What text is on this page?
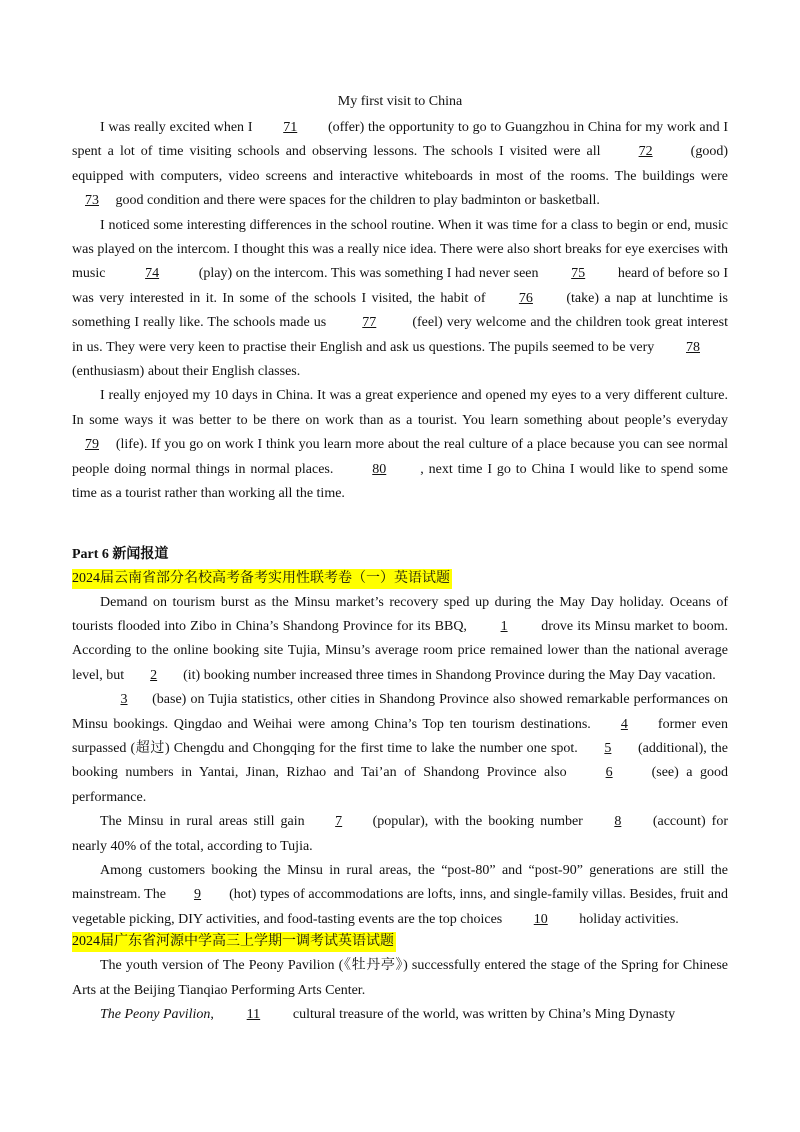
My first visit to China

I was really excited when I 71 (offer) the opportunity to go to Guangzhou in China for my work and I spent a lot of time visiting schools and observing lessons. The schools I visited were all 72 (good) equipped with computers, video screens and interactive whiteboards in most of the rooms. The buildings were 73 good condition and there were spaces for the children to play badminton or basketball.

I noticed some interesting differences in the school routine. When it was time for a class to begin or end, music was played on the intercom. I thought this was a really nice idea. There were also short breaks for eye exercises with music	74	(play) on the intercom. This was something I had never seen 75 heard of before so I was very interested in it. In some of the schools I visited, the habit of 76 (take) a nap at lunchtime is something I really like. The schools made us 77 (feel) very welcome and the children took great interest in us. They were very keen to practise their English and ask us questions. The pupils seemed to be very 78(enthusiasm) about their English classes.

I really enjoyed my 10 days in China. It was a great experience and opened my eyes to a very different culture. In some ways it was better to be there on work than as a tourist. You learn something about people’s everyday 79 (life). If you go on work I think you learn more about the real culture of a place because you can see normal people doing normal things in normal places. 80 , next time I go to China I would like to spend some time as a tourist rather than working all the time.

Part 6 新闻报道
2024届云南省部分名校高考备考实用性联考卷（一）英语试题

Demand on tourism burst as the Minsu market’s recovery sped up during the May Day holiday. Oceans of tourists flooded into Zibo in China’s Shandong Province for its BBQ, 1 drove its Minsu market to boom. According to the online booking site Tujia, Minsu’s average room price remained lower than the national average level, but 2 (it) booking number increased three times in Shandong Province during the May Day vacation.

3 (base) on Tujia statistics, other cities in Shandong Province also showed remarkable performances on Minsu bookings. Qingdao and Weihai were among China’s Top ten tourism destinations. 4 former even surpassed (超过) Chengdu and Chongqing for the first time to lake the number one spot. 5 (additional), the booking numbers in Yantai, Jinan, Rizhao and Tai’an of Shandong Province also 6 (see) a good performance.

The Minsu in rural areas still gain 7 (popular), with the booking number 8 (account) for nearly 40% of the total, according to Tujia.

Among customers booking the Minsu in rural areas, the “post-80” and “post-90” generations are still the mainstream. The 9 (hot) types of accommodations are lofts, inns, and single-family villas. Besides, fruit and vegetable picking, DIY activities, and food-tasting events are the top choices 10 holiday activities.

2024届广东省河源中学高三上学期一调考试英语试题

The youth version of The Peony Pavilion (《牡丹亭》) successfully entered the stage of the Spring for Chinese Arts at the Beijing Tianqiao Performing Arts Center.

The Peony Pavilion, 11 cultural treasure of the world, was written by China’s Ming Dynasty
